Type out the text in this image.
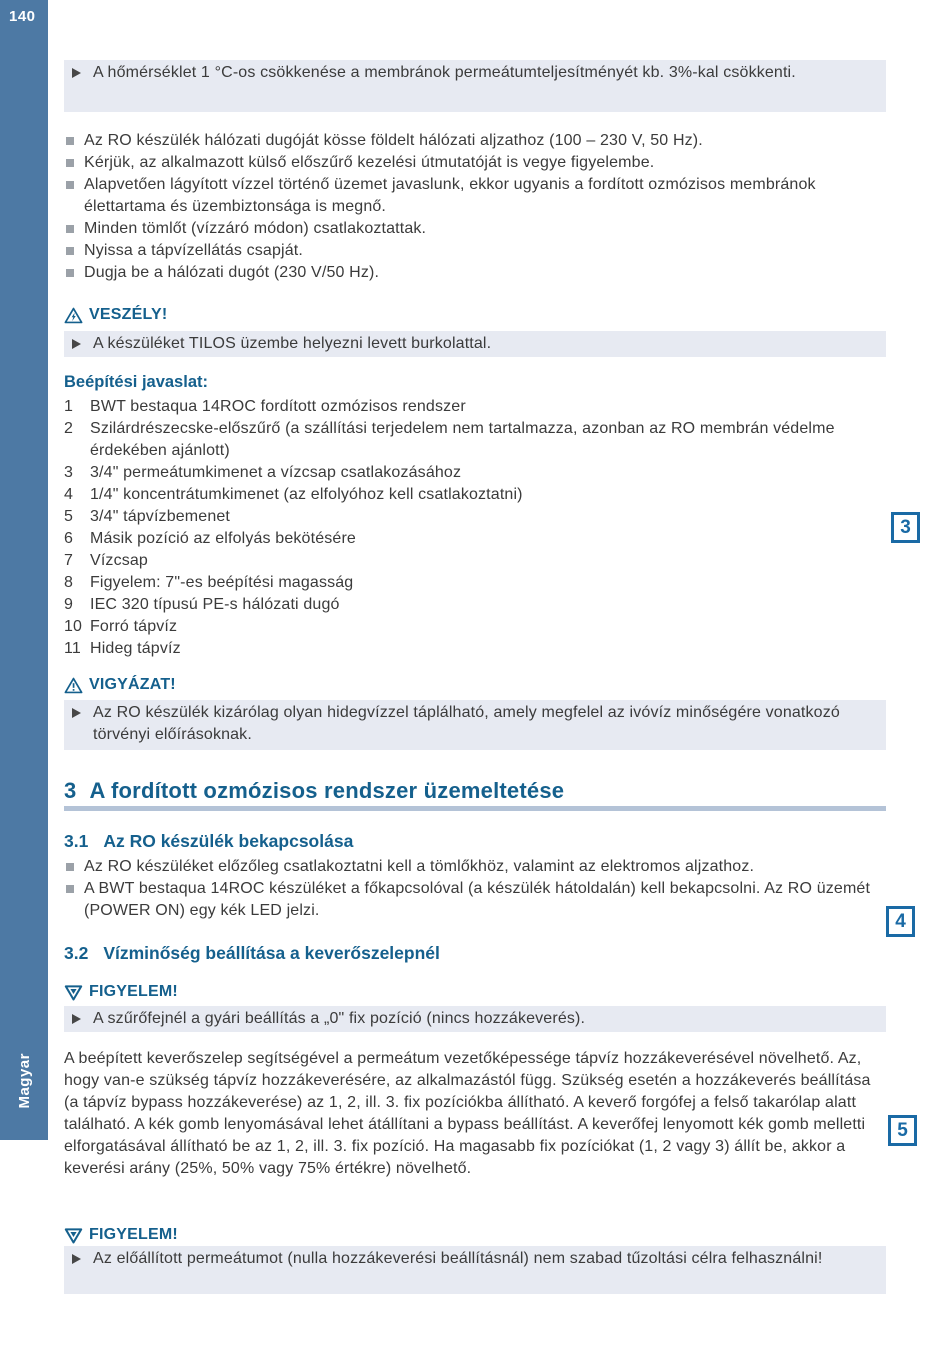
140
Magyar
A hőmérséklet 1 °C-os csökkenése a membránok permeátumteljesítményét kb. 3%-kal csökkenti.
Az RO készülék hálózati dugóját kösse földelt hálózati aljzathoz (100 – 230 V, 50 Hz).
Kérjük, az alkalmazott külső előszűrő kezelési útmutatóját is vegye figyelembe.
Alapvetően lágyított vízzel történő üzemet javaslunk, ekkor ugyanis a fordított ozmózisos membránok élettartama és üzembiztonsága is megnő.
Minden tömlőt (vízzáró módon) csatlakoztattak.
Nyissa a tápvízellátás csapját.
Dugja be a hálózati dugót (230 V/50 Hz).
VESZÉLY!
A készüléket TILOS üzembe helyezni levett burkolattal.
Beépítési javaslat:
1	BWT bestaqua 14ROC fordított ozmózisos rendszer
2	Szilárdrészecske-előszűrő (a szállítási terjedelem nem tartalmazza, azonban az RO membrán védelme érdekében ajánlott)
3	3/4" permeátumkimenet a vízcsap csatlakozásához
4	1/4" koncentrátumkimenet (az elfolyóhoz kell csatlakoztatni)
5	3/4" tápvízbemenet
6	Másik pozíció az elfolyás bekötésére
7	Vízcsap
8	Figyelem: 7"-es beépítési magasság
9	IEC 320 típusú PE-s hálózati dugó
10 Forró tápvíz
11 Hideg tápvíz
3
4
5
VIGYÁZAT!
Az RO készülék kizárólag olyan hidegvízzel táplálható, amely megfelel az ivóvíz minőségére vonatkozó törvényi előírásoknak.
3 A fordított ozmózisos rendszer üzemeltetése
3.1 Az RO készülék bekapcsolása
Az RO készüléket előzőleg csatlakoztatni kell a tömlőkhöz, valamint az elektromos aljzathoz.
A BWT bestaqua 14ROC készüléket a főkapcsolóval (a készülék hátoldalán) kell bekapcsolni. Az RO üzemét (POWER ON) egy kék LED jelzi.
3.2 Vízminőség beállítása a keverőszelepnél
FIGYELEM!
A szűrőfejnél a gyári beállítás a „0" fix pozíció (nincs hozzákeverés).
A beépített keverőszelep segítségével a permeátum vezetőképessége tápvíz hozzákeverésével növelhető. Az, hogy van-e szükség tápvíz hozzákeverésére, az alkalmazástól függ. Szükség esetén a hozzákeverés beállítása (a tápvíz bypass hozzákeverése) az 1, 2, ill. 3. fix pozíciókba állítható. A keverő forgófej a felső takarólap alatt található. A kék gomb lenyomásával lehet átállítani a bypass beállítást. A keverőfej lenyomott kék gomb melletti elforgatásával állítható be az 1, 2, ill. 3. fix pozíció. Ha magasabb fix pozíciókat (1, 2 vagy 3) állít be, akkor a keverési arány (25%, 50% vagy 75% értékre) növelhető.
FIGYELEM!
Az előállított permeátumot (nulla hozzákeverési beállításnál) nem szabad tűzoltási célra felhasználni!
